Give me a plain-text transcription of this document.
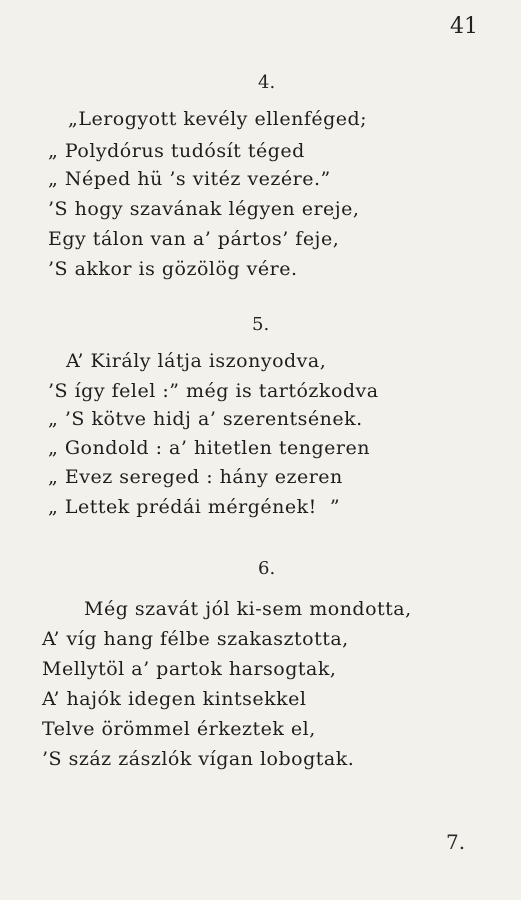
41
4.
„Lerogyott kevély ellenféged;
„ Polydórus tudósít téged
„ Néped hü ’s vitéz vezére.”
’S hogy szavának légyen ereje,
Egy tálon van a’ pártos’ feje,
’S akkor is gözölög vére.
5.
A’ Király látja iszonyodva,
’S így felel :” még is tartózkodva
„ ’S kötve hidj a’ szerentsének.
„ Gondold : a’ hitetlen tengeren
„ Evez sereged : hány ezeren
„ Lettek prédái mérgének!  ”
6.
Még szavát jól ki-sem mondotta,
A’ víg hang félbe szakasztotta,
Mellytöl a’ partok harsogtak,
A’ hajók idegen kintsekkel
Telve örömmel érkeztek el,
’S száz zászlók vígan lobogtak.
7.
